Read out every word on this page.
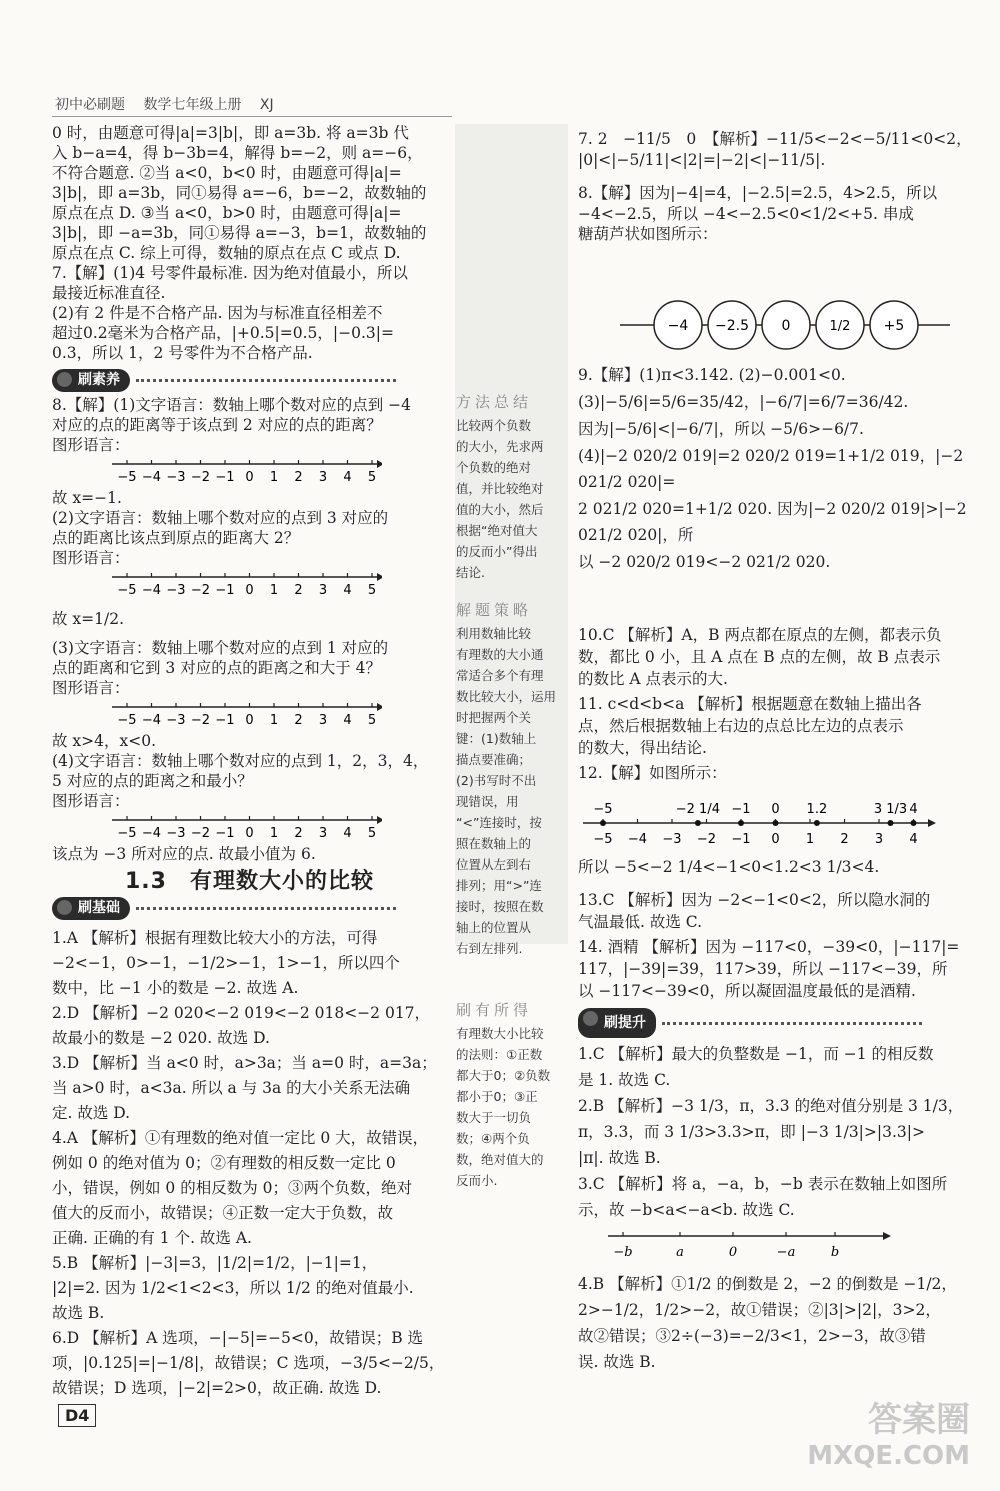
初中必刷题 数学七年级上册 XJ

0 时，由题意可得|a|=3|b|，即 a=3b. 将 a=3b 代

入 b−a=4，得 b−3b=4，解得 b=−2，则 a=−6，

不符合题意. ②当 a<0，b<0 时，由题意可得|a|=

3|b|，即 a=3b，同①易得 a=−6，b=−2，故数轴的

原点在点 D. ③当 a<0，b>0 时，由题意可得|a|=

3|b|，即 −a=3b，同①易得 a=−3，b=1，故数轴的

原点在点 C. 综上可得，数轴的原点在点 C 或点 D.

7.【解】(1)4 号零件最标准. 因为绝对值最小，所以

最接近标准直径.

(2)有 2 件是不合格产品. 因为与标准直径相差不

超过0.2毫米为合格产品，|+0.5|=0.5，|−0.3|=

0.3，所以 1，2 号零件为不合格产品.

刷素养

8.【解】(1)文字语言：数轴上哪个数对应的点到 −4

对应的点的距离等于该点到 2 对应的点的距离？

图形语言：

−5 −4 −3 −2 −1 0 1 2 3 4 5

故 x=−1.

(2)文字语言：数轴上哪个数对应的点到 3 对应的

点的距离比该点到原点的距离大 2？

图形语言：

−5 −4 −3 −2 −1 0 1 2 3 4 5

故 x=1/2.

(3)文字语言：数轴上哪个数对应的点到 1 对应的

点的距离和它到 3 对应的点的距离之和大于 4？

图形语言：

−5 −4 −3 −2 −1 0 1 2 3 4 5

故 x>4，x<0.

(4)文字语言：数轴上哪个数对应的点到 1，2，3，4，

5 对应的点的距离之和最小？

图形语言：

−5 −4 −3 −2 −1 0 1 2 3 4 5

该点为 −3 所对应的点. 故最小值为 6.

1.3　有理数大小的比较
刷基础

1.A 【解析】根据有理数比较大小的方法，可得

−2<−1，0>−1，−1/2>−1，1>−1，所以四个

数中，比 −1 小的数是 −2. 故选 A.

2.D 【解析】−2 020<−2 019<−2 018<−2 017，

故最小的数是 −2 020. 故选 D.

3.D 【解析】当 a<0 时，a>3a；当 a=0 时，a=3a；

当 a>0 时，a<3a. 所以 a 与 3a 的大小关系无法确

定. 故选 D.

4.A 【解析】①有理数的绝对值一定比 0 大，故错误，

例如 0 的绝对值为 0；②有理数的相反数一定比 0

小，错误，例如 0 的相反数为 0；③两个负数，绝对

值大的反而小，故错误；④正数一定大于负数，故

正确. 正确的有 1 个. 故选 A.

5.B 【解析】|−3|=3，|1/2|=1/2，|−1|=1，

|2|=2. 因为 1/2<1<2<3，所以 1/2 的绝对值最小.

故选 B.

6.D 【解析】A 选项，−|−5|=−5<0，故错误；B 选

项，|0.125|=|−1/8|，故错误；C 选项，−3/5<−2/5，

故错误；D 选项，|−2|=2>0，故正确. 故选 D.

方法总结
比较两个负数
的大小，先求两
个负数的绝对
值，并比较绝对
值的大小，然后
根据“绝对值大
的反而小”得出
结论.
解题策略
利用数轴比较
有理数的大小通
常适合多个有理
数比较大小，运用
时把握两个关
键：(1)数轴上
描点要准确；
(2)书写时不出
现错误，用
“<”连接时，按
照在数轴上的
位置从左到右
排列；用“>”连
接时，按照在数
轴上的位置从
右到左排列.
刷有所得
有理数大小比较
的法则：①正数
都大于0；②负数
都小于0；③正
数大于一切负
数；④两个负
数，绝对值大的
反而小.

7. 2　−11/5　0　【解析】−11/5<−2<−5/11<0<2，

|0|<|−5/11|<|2|=|−2|<|−11/5|.

8.【解】因为|−4|=4，|−2.5|=2.5，4>2.5，所以

−4<−2.5，所以 −4<−2.5<0<1/2<+5. 串成

糖葫芦状如图所示：

−4 −2.5 0	1/2 +5

9.【解】(1)π<3.142. (2)−0.001<0.

(3)|−5/6|=5/6=35/42，|−6/7|=6/7=36/42.

因为|−5/6|<|−6/7|，所以 −5/6>−6/7.

(4)|−2 020/2 019|=2 020/2 019=1+1/2 019，|−2 021/2 020|=

2 021/2 020=1+1/2 020. 因为|−2 020/2 019|>|−2 021/2 020|，所

以 −2 020/2 019<−2 021/2 020.

10.C 【解析】A，B 两点都在原点的左侧，都表示负

数，都比 0 小，且 A 点在 B 点的左侧，故 B 点表示

的数比 A 点表示的大.

11. c<d<b<a 【解析】根据题意在数轴上描出各

点，然后根据数轴上右边的点总比左边的点表示

的数大，得出结论.

12.【解】如图所示：

−5 −4 −3 −2 −1 0 1 2 3 4
−5	−2 1/4 −1 0 1.2	3 1/3 4

所以 −5<−2 1/4<−1<0<1.2<3 1/3<4.

13.C 【解析】因为 −2<−1<0<2，所以隐水洞的

气温最低. 故选 C.

14. 酒精 【解析】因为 −117<0，−39<0，|−117|=

117，|−39|=39，117>39，所以 −117<−39，所

以 −117<−39<0，所以凝固温度最低的是酒精.

刷提升

1.C 【解析】最大的负整数是 −1，而 −1 的相反数

是 1. 故选 C.

2.B 【解析】−3 1/3，π，3.3 的绝对值分别是 3 1/3，

π，3.3，而 3 1/3>3.3>π，即 |−3 1/3|>|3.3|>

|π|. 故选 B.

3.C 【解析】将 a，−a，b，−b 表示在数轴上如图所

示，故 −b<a<−a<b. 故选 C.

−b	a	0	−a	b

4.B 【解析】①1/2 的倒数是 2，−2 的倒数是 −1/2，

2>−1/2，1/2>−2，故①错误；②|3|>|2|，3>2，

故②错误；③2÷(−3)=−2/3<1，2>−3，故③错

误. 故选 B.

D4	答案圈
MXQE.COM
